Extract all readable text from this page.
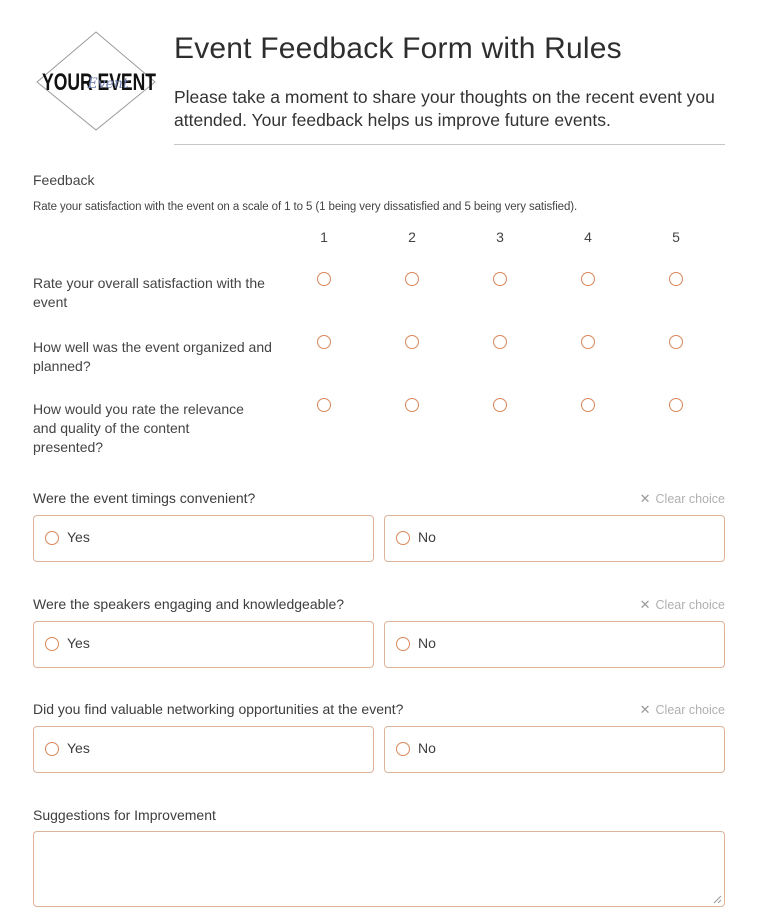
YOUR EVENT
Event
Event Feedback Form with Rules
Please take a moment to share your thoughts on the recent event you attended. Your feedback helps us improve future events.
Feedback
Rate your satisfaction with the event on a scale of 1 to 5 (1 being very dissatisfied and 5 being very satisfied).
1	2	3	4	5
Rate your overall satisfaction with the event
How well was the event organized and planned?
How would you rate the relevance and quality of the content presented?
Were the event timings convenient?	✕ Clear choice
Yes	No
Were the speakers engaging and knowledgeable?	✕ Clear choice
Yes	No
Did you find valuable networking opportunities at the event?	✕ Clear choice
Yes	No
Suggestions for Improvement
